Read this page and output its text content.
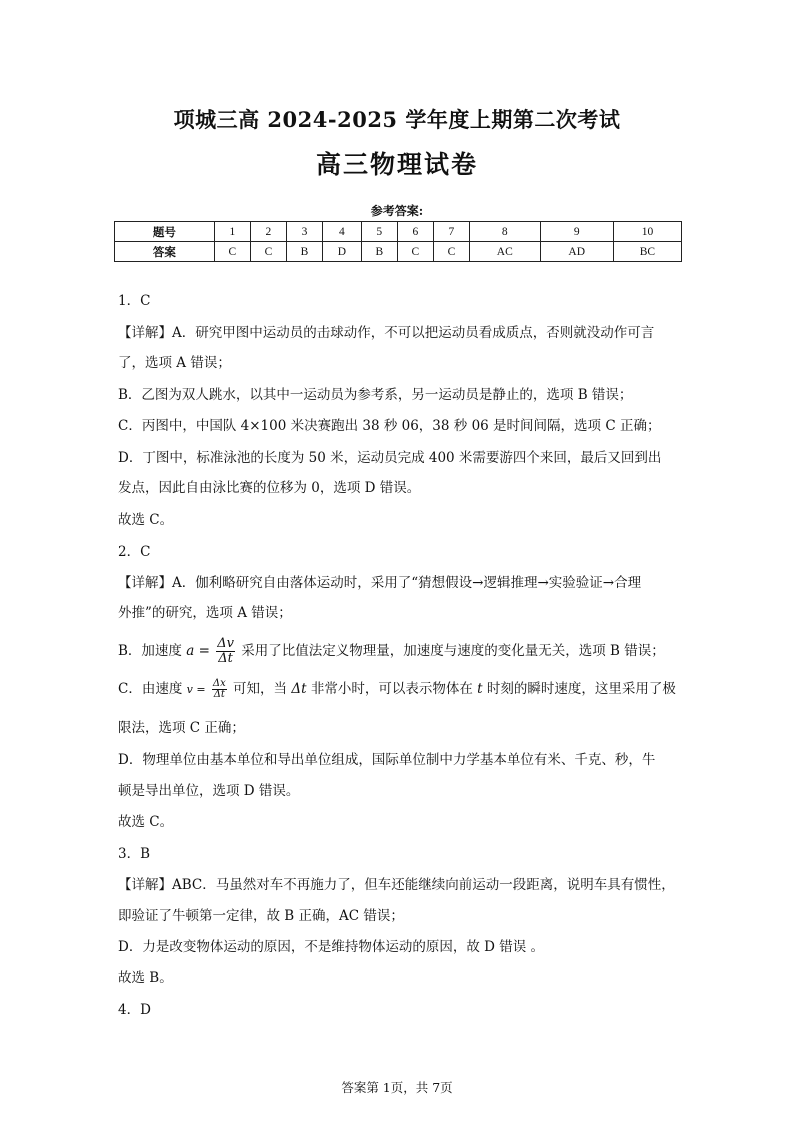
项城三高 2024-2025 学年度上期第二次考试
高三物理试卷
参考答案:
题号	1	2	3	4	5	6	7	8	9	10
答案	C	C	B	D	B	C	C	AC	AD	BC
1．C
【详解】A．研究甲图中运动员的击球动作，不可以把运动员看成质点，否则就没动作可言
了，选项 A 错误；
B．乙图为双人跳水，以其中一运动员为参考系，另一运动员是静止的，选项 B 错误；
C．丙图中，中国队 4×100 米决赛跑出 38 秒 06，38 秒 06 是时间间隔，选项 C 正确；
D．丁图中，标准泳池的长度为 50 米，运动员完成 400 米需要游四个来回，最后又回到出
发点，因此自由泳比赛的位移为 0，选项 D 错误。
故选 C。
2．C
【详解】A．伽利略研究自由落体运动时，采用了“猜想假设→逻辑推理→实验验证→合理
外推”的研究，选项 A 错误；
B．加速度 $a = \frac{\Delta v}{\Delta t}$ 采用了比值法定义物理量，加速度与速度的变化量无关，选项 B 错误；
C．由速度 $v = \frac{\Delta x}{\Delta t}$ 可知，当 Δt 非常小时，可以表示物体在 t 时刻的瞬时速度，这里采用了极
限法，选项 C 正确；
D．物理单位由基本单位和导出单位组成，国际单位制中力学基本单位有米、千克、秒，牛
顿是导出单位，选项 D 错误。
故选 C。
3．B
【详解】ABC．马虽然对车不再施力了，但车还能继续向前运动一段距离，说明车具有惯性，
即验证了牛顿第一定律，故 B 正确，AC 错误；
D．力是改变物体运动的原因，不是维持物体运动的原因，故 D 错误 。
故选 B。
4．D
答案第 1页，共 7页
